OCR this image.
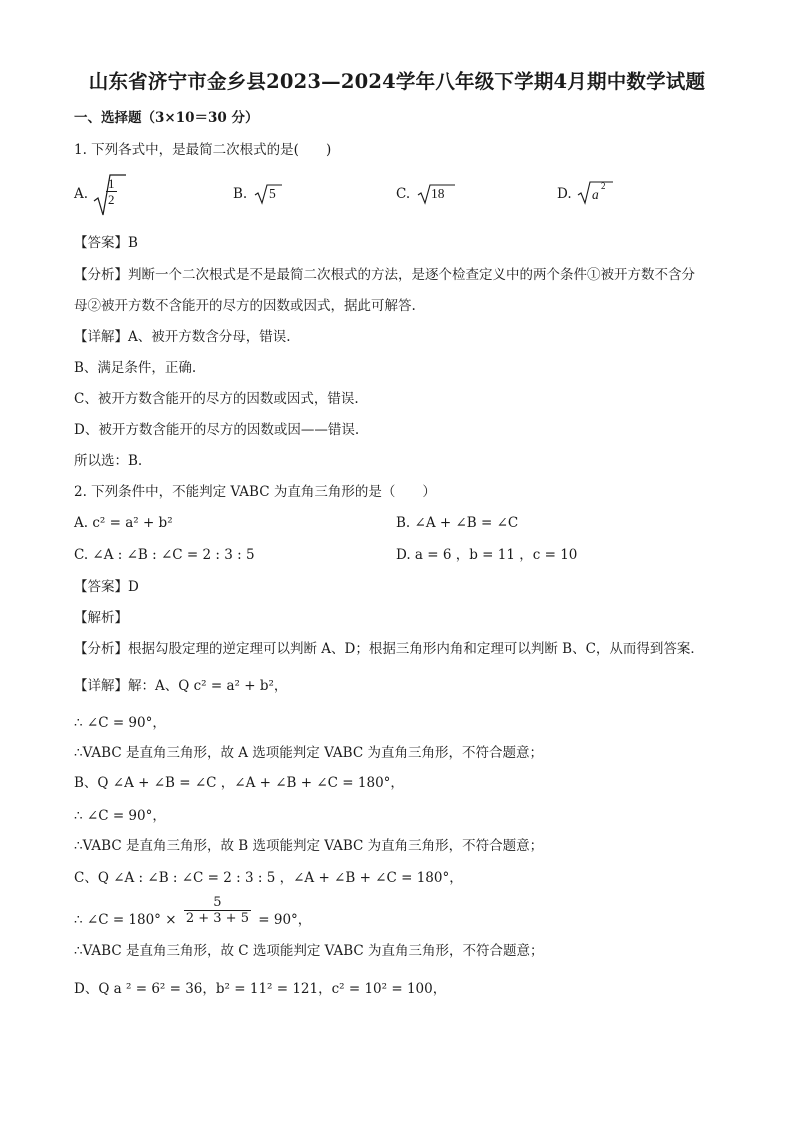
山东省济宁市金乡县2023—2024学年八年级下学期4月期中数学试题
一、选择题（3×10＝30 分）
1. 下列各式中，是最简二次根式的是(　　)
A. $\frac{1}{2}$	B. 5	C. 18	D. a
2
【答案】B
【分析】判断一个二次根式是不是最简二次根式的方法，是逐个检查定义中的两个条件①被开方数不含分
母②被开方数不含能开的尽方的因数或因式，据此可解答.
【详解】A、被开方数含分母，错误.
B、满足条件，正确.
C、被开方数含能开的尽方的因数或因式，错误.
D、被开方数含能开的尽方的因数或因——错误.
所以选：B.
2. 下列条件中，不能判定 VABC 为直角三角形的是（　　）
A. c² = a² + b²	B. ∠A + ∠B = ∠C
C. ∠A : ∠B : ∠C = 2 : 3 : 5	D. a = 6 ，b = 11 ，c = 10
【答案】D
【解析】
【分析】根据勾股定理的逆定理可以判断 A、D；根据三角形内角和定理可以判断 B、C，从而得到答案．
【详解】解：A、Q c² = a² + b²，
∴ ∠C = 90°，
∴VABC 是直角三角形，故 A 选项能判定 VABC 为直角三角形，不符合题意；
B、Q ∠A + ∠B = ∠C ，∠A + ∠B + ∠C = 180°，
∴ ∠C = 90°，
∴VABC 是直角三角形，故 B 选项能判定 VABC 为直角三角形，不符合题意；
C、Q ∠A : ∠B : ∠C = 2 : 3 : 5 ，∠A + ∠B + ∠C = 180°，
∴ ∠C = $180^\circ \times \frac{5}{2 + 3 + 5} = 90^\circ$，
∴VABC 是直角三角形，故 C 选项能判定 VABC 为直角三角形，不符合题意；
D、Q a ² = 6² = 36，b² = 11² = 121，c² = 10² = 100，
